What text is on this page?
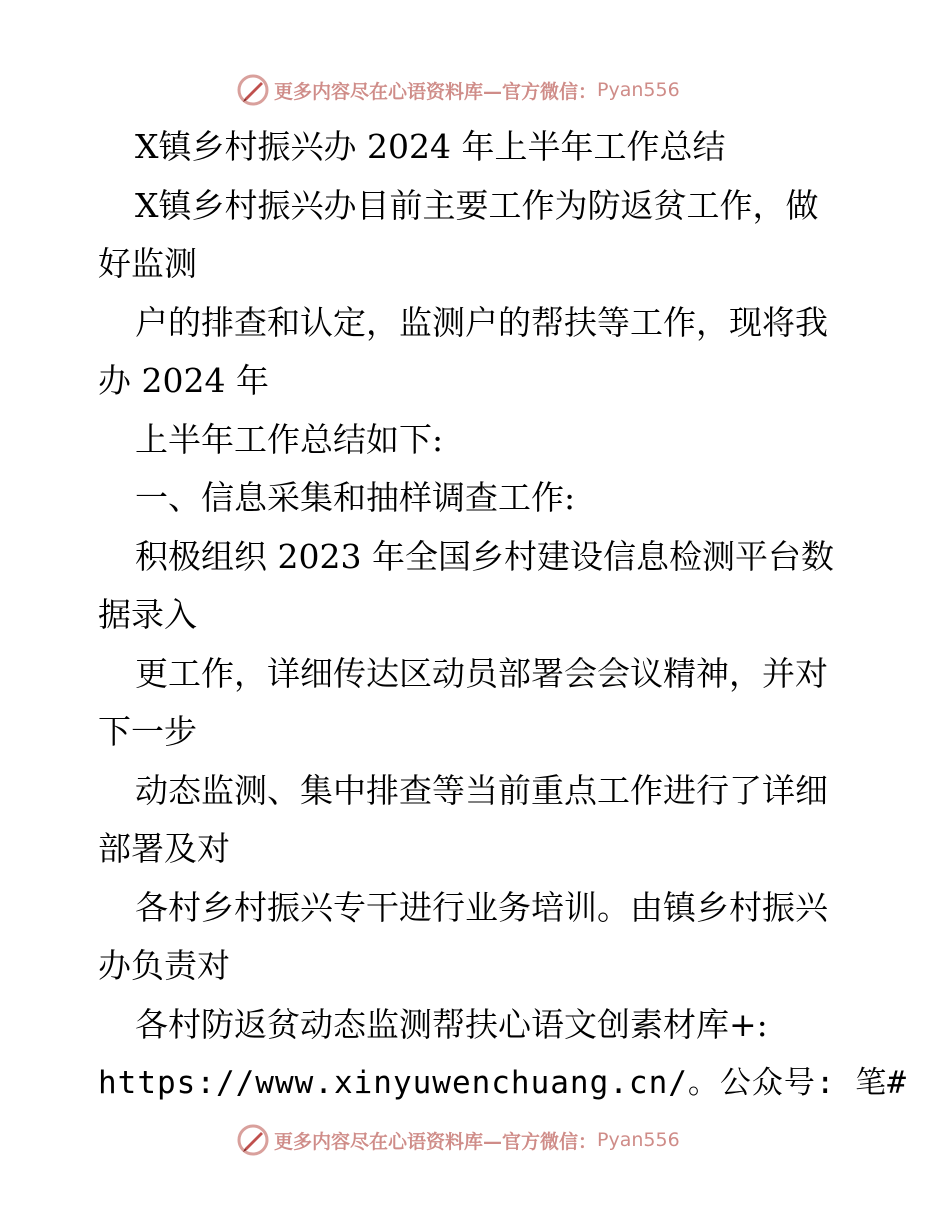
更多内容尽在心语资料库—官方微信： Pyan556
X镇乡村振兴办 2024 年上半年工作总结
X镇乡村振兴办目前主要工作为防返贫工作，做
好监测
户的排查和认定，监测户的帮扶等工作，现将我
办 2024 年
上半年工作总结如下:
一、信息采集和抽样调查工作:
积极组织 2023 年全国乡村建设信息检测平台数
据录入
更工作，详细传达区动员部署会会议精神，并对
下一步
动态监测、集中排查等当前重点工作进行了详细
部署及对
各村乡村振兴专干进行业务培训。由镇乡村振兴
办负责对
各村防返贫动态监测帮扶心语文创素材库+:
https://www.xinyuwenchuang.cn/。公众号: 笔#
更多内容尽在心语资料库—官方微信： Pyan556
